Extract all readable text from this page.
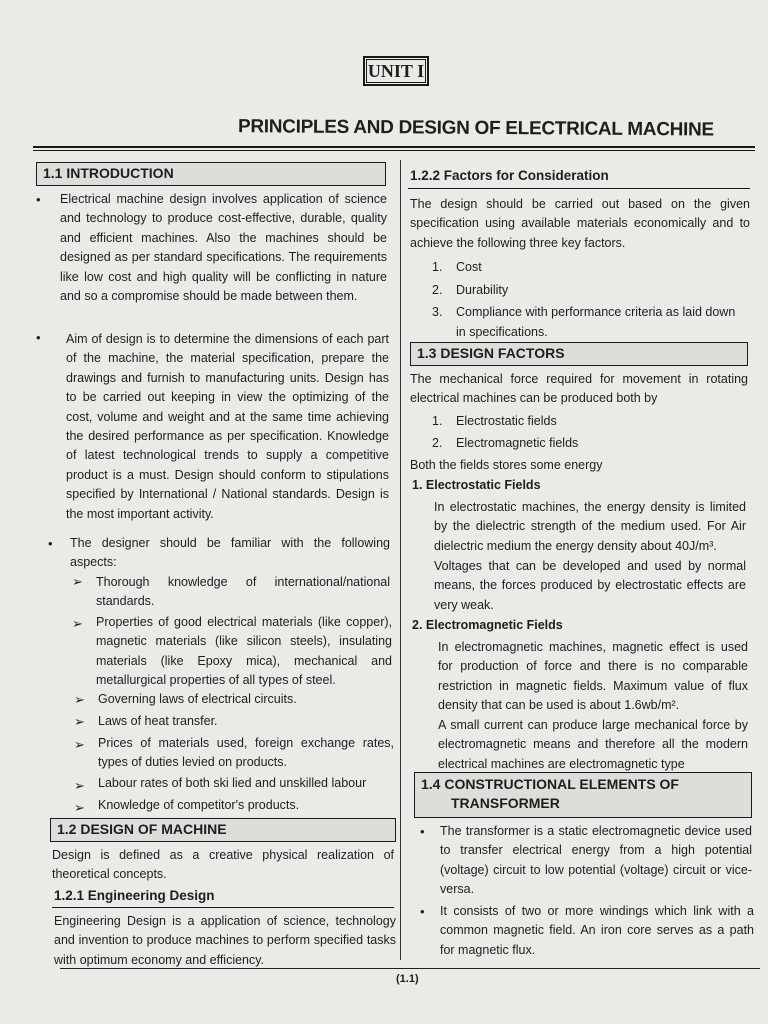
UNIT I
PRINCIPLES AND DESIGN OF ELECTRICAL MACHINE
1.1 INTRODUCTION
• Electrical machine design involves application of science and technology to produce cost-effective, durable, quality and efficient machines. Also the machines should be designed as per standard specifications. The requirements like low cost and high quality will be conflicting in nature and so a compromise should be made between them.
• Aim of design is to determine the dimensions of each part of the machine, the material specification, prepare the drawings and furnish to manufacturing units. Design has to be carried out keeping in view the optimizing of the cost, volume and weight and at the same time achieving the desired performance as per specification. Knowledge of latest technological trends to supply a competitive product is a must. Design should conform to stipulations specified by International / National standards. Design is the most important activity.
• The designer should be familiar with the following aspects:
➢ Thorough knowledge of international/national standards.
➢ Properties of good electrical materials (like copper), magnetic materials (like silicon steels), insulating materials (like Epoxy mica), mechanical and metallurgical properties of all types of steel.
➢ Governing laws of electrical circuits.
➢ Laws of heat transfer.
➢ Prices of materials used, foreign exchange rates, types of duties levied on products.
➢ Labour rates of both ski lied and unskilled labour
➢ Knowledge of competitor's products.
1.2 DESIGN OF MACHINE
Design is defined as a creative physical realization of theoretical concepts.
1.2.1 Engineering Design
Engineering Design is a application of science, technology and invention to produce machines to perform specified tasks with optimum economy and efficiency.
1.2.2 Factors for Consideration
The design should be carried out based on the given specification using available materials economically and to achieve the following three key factors.
1. Cost
2. Durability
3. Compliance with performance criteria as laid down
in specifications.
1.3 DESIGN FACTORS
The mechanical force required for movement in rotating electrical machines can be produced both by
1. Electrostatic fields
2. Electromagnetic fields
Both the fields stores some energy
1. Electrostatic Fields
In electrostatic machines, the energy density is limited by the dielectric strength of the medium used. For Air dielectric medium the energy density about 40J/m³.
Voltages that can be developed and used by normal means, the forces produced by electrostatic effects are very weak.
2. Electromagnetic Fields
In electromagnetic machines, magnetic effect is used for production of force and there is no comparable restriction in magnetic fields. Maximum value of flux density that can be used is about 1.6wb/m².
A small current can produce large mechanical force by electromagnetic means and therefore all the modern electrical machines are electromagnetic type
1.4 CONSTRUCTIONAL ELEMENTS OF
TRANSFORMER
• The transformer is a static electromagnetic device used to transfer electrical energy from a high potential (voltage) circuit to low potential (voltage) circuit or vice-versa.
• It consists of two or more windings which link with a common magnetic field. An iron core serves as a path for magnetic flux.
(1.1)
